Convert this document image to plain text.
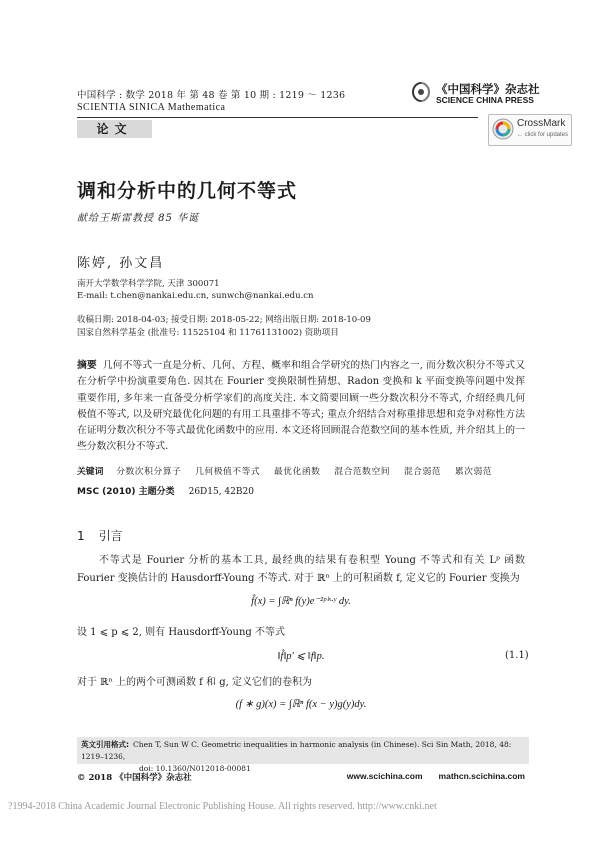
中国科学 : 数学 2018 年 第 48 卷 第 10 期 : 1219 ～ 1236
SCIENTIA SINICA Mathematica
《中国科学》杂志社
SCIENCE CHINA PRESS
CrossMark
← click for updates
论文
调和分析中的几何不等式
献给王斯雷教授 85 华诞
陈婷, 孙文昌
南开大学数学科学学院, 天津 300071
E-mail: t.chen@nankai.edu.cn, sunwch@nankai.edu.cn
收稿日期: 2018-04-03; 接受日期: 2018-05-22; 网络出版日期: 2018-10-09
国家自然科学基金 (批准号: 11525104 和 11761131002) 资助项目
摘要 几何不等式一直是分析、几何、方程、概率和组合学研究的热门内容之一, 而分数次积分不等式又在分析学中扮演重要角色. 因其在 Fourier 变换限制性猜想、Radon 变换和 k 平面变换等问题中发挥重要作用, 多年来一直备受分析学家们的高度关注. 本文简要回顾一些分数次积分不等式, 介绍经典几何极值不等式, 以及研究最优化问题的有用工具重排不等式; 重点介绍结合对称重排思想和竞争对称性方法在证明分数次积分不等式最优化函数中的应用. 本文还将回顾混合范数空间的基本性质, 并介绍其上的一些分数次积分不等式.
关键词 分数次积分算子 几何极值不等式 最优化函数 混合范数空间 混合弱范 累次弱范
MSC (2010) 主题分类 26D15, 42B20
1 引言
不等式是 Fourier 分析的基本工具, 最经典的结果有卷积型 Young 不等式和有关 Lᵖ 函数 Fourier 变换估计的 Hausdorff-Young 不等式. 对于 ℝⁿ 上的可积函数 f, 定义它的 Fourier 变换为
f̂(x) = ∫ℝⁿ f(y)e⁻²ᵖⁱˣ·ʸ dy.
设 1 ⩽ p ⩽ 2, 则有 Hausdorff-Young 不等式
‖f̂‖p′ ⩽ ‖f‖p.	(1.1)
对于 ℝⁿ 上的两个可测函数 f 和 g, 定义它们的卷积为
(f ∗ g)(x) = ∫ℝⁿ f(x − y)g(y)dy.
英文引用格式: Chen T, Sun W C. Geometric inequalities in harmonic analysis (in Chinese). Sci Sin Math, 2018, 48: 1219–1236,
doi: 10.1360/N012018-00081
© 2018 《中国科学》杂志社	www.scichina.com mathcn.scichina.com
?1994-2018 China Academic Journal Electronic Publishing House. All rights reserved. http://www.cnki.net
